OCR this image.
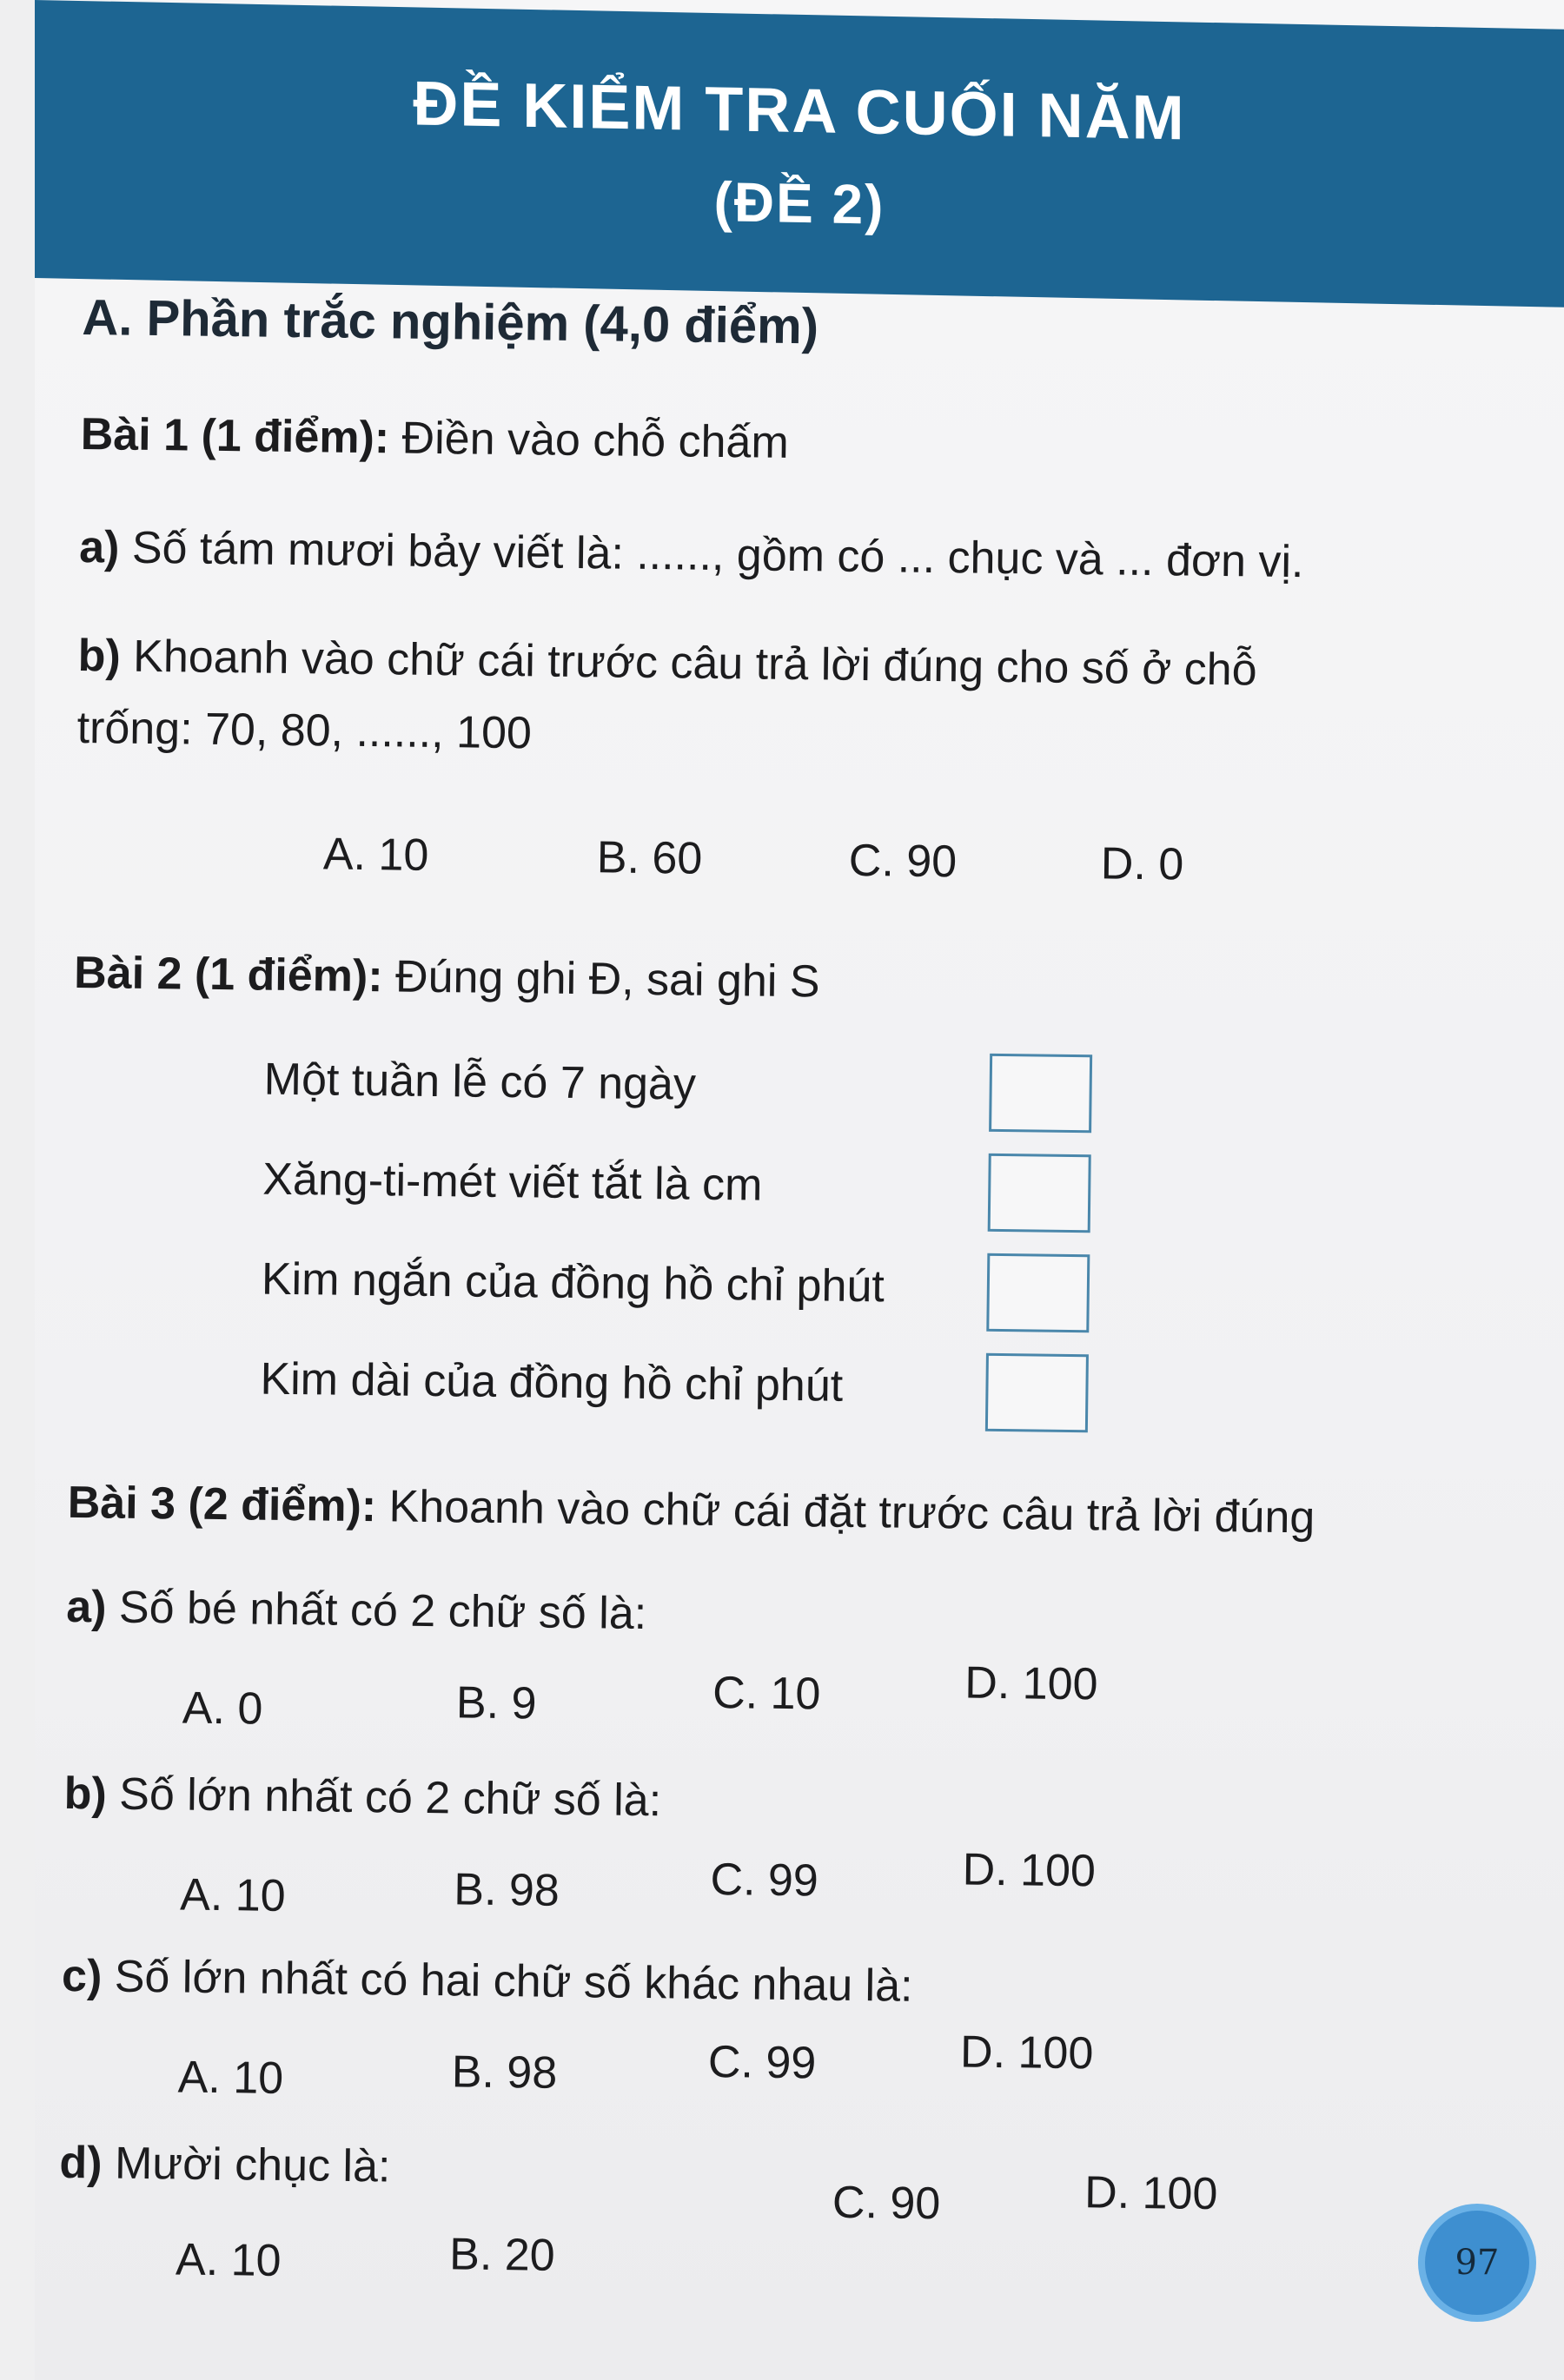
ĐỀ KIỂM TRA CUỐI NĂM
(ĐỀ 2)
A. Phần trắc nghiệm (4,0 điểm)
Bài 1 (1 điểm): Điền vào chỗ chấm
a) Số tám mươi bảy viết là: ......, gồm có ... chục và ... đơn vị.
b) Khoanh vào chữ cái trước câu trả lời đúng cho số ở chỗ
trống: 70, 80, ......, 100
A. 10	B. 60	C. 90	D. 0
Bài 2 (1 điểm): Đúng ghi Đ, sai ghi S
Một tuần lễ có 7 ngày
Xăng-ti-mét viết tắt là cm
Kim ngắn của đồng hồ chỉ phút
Kim dài của đồng hồ chỉ phút
Bài 3 (2 điểm): Khoanh vào chữ cái đặt trước câu trả lời đúng
a) Số bé nhất có 2 chữ số là:
A. 0	B. 9	C. 10	D. 100
b) Số lớn nhất có 2 chữ số là:
A. 10	B. 98	C. 99	D. 100
c) Số lớn nhất có hai chữ số khác nhau là:
A. 10	B. 98	C. 99	D. 100
d) Mười chục là:
A. 10	B. 20
C. 90	D. 100
97
